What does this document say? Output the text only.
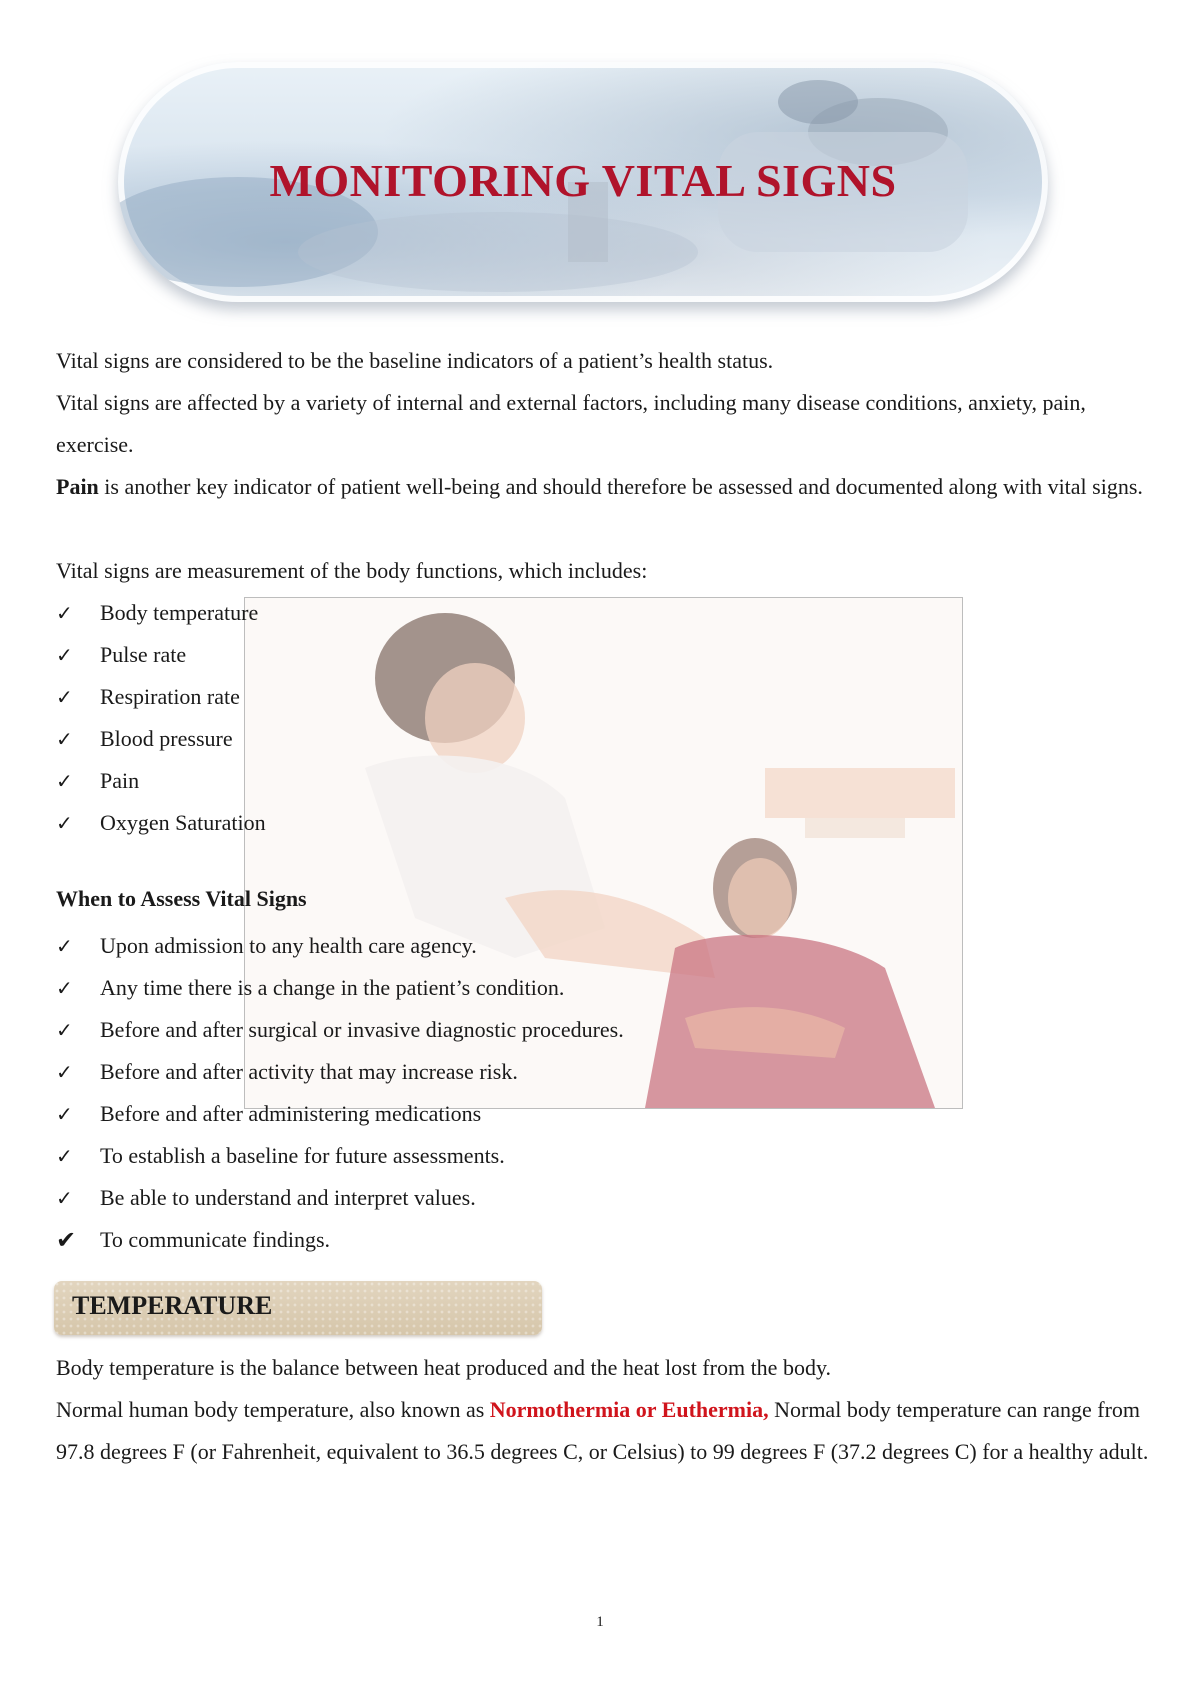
MONITORING VITAL SIGNS

Vital signs are considered to be the baseline indicators of a patient’s health status.

Vital signs are affected by a variety of internal and external factors, including many disease conditions, anxiety, pain, exercise.

Pain is another key indicator of patient well-being and should therefore be assessed and documented along with vital signs.

Vital signs are measurement of the body functions, which includes:

✓ Body temperature
✓ Pulse rate
✓ Respiration rate
✓ Blood pressure
✓ Pain
✓ Oxygen Saturation
When to Assess Vital Signs
✓ Upon admission to any health care agency.
✓ Any time there is a change in the patient’s condition.
✓ Before and after surgical or invasive diagnostic procedures.
✓ Before and after activity that may increase risk.
✓ Before and after administering medications
✓ To establish a baseline for future assessments.
✓ Be able to understand and interpret values.
✔ To communicate findings.
TEMPERATURE

Body temperature is the balance between heat produced and the heat lost from the body.

Normal human body temperature, also known as Normothermia or Euthermia, Normal body temperature can range from 97.8 degrees F (or Fahrenheit, equivalent to 36.5 degrees C, or Celsius) to 99 degrees F (37.2 degrees C) for a healthy adult.

1
